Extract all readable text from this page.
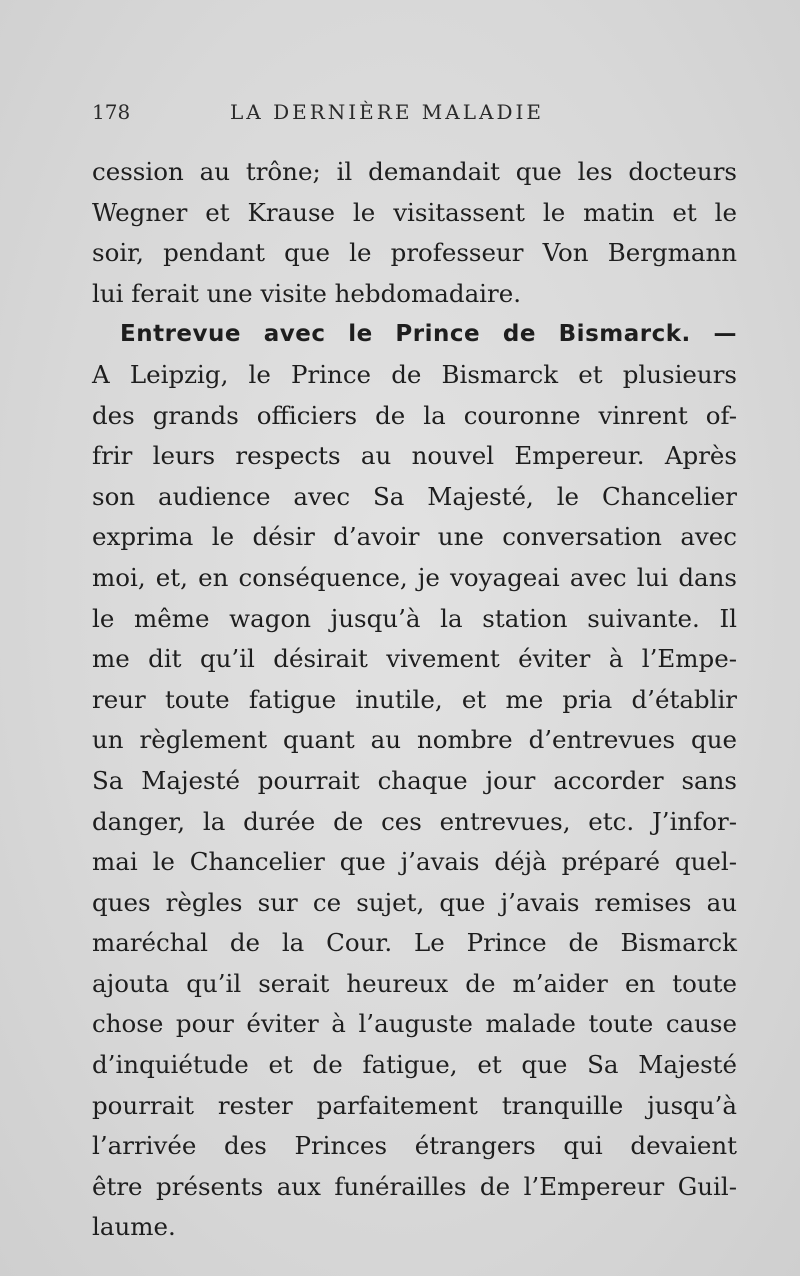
178	LA DERNIÈRE MALADIE
cession au trône; il demandait que les docteurs
Wegner et Krause le visitassent le matin et le
soir, pendant que le professeur Von Bergmann
lui ferait une visite hebdomadaire.
Entrevue avec le Prince de Bismarck. —
A Leipzig, le Prince de Bismarck et plusieurs
des grands officiers de la couronne vinrent of-
frir leurs respects au nouvel Empereur. Après
son audience avec Sa Majesté, le Chancelier
exprima le désir d’avoir une conversation avec
moi, et, en conséquence, je voyageai avec lui dans
le même wagon jusqu’à la station suivante. Il
me dit qu’il désirait vivement éviter à l’Empe-
reur toute fatigue inutile, et me pria d’établir
un règlement quant au nombre d’entrevues que
Sa Majesté pourrait chaque jour accorder sans
danger, la durée de ces entrevues, etc. J’infor-
mai le Chancelier que j’avais déjà préparé quel-
ques règles sur ce sujet, que j’avais remises au
maréchal de la Cour. Le Prince de Bismarck
ajouta qu’il serait heureux de m’aider en toute
chose pour éviter à l’auguste malade toute cause
d’inquiétude et de fatigue, et que Sa Majesté
pourrait rester parfaitement tranquille jusqu’à
l’arrivée des Princes étrangers qui devaient
être présents aux funérailles de l’Empereur Guil-
laume.
